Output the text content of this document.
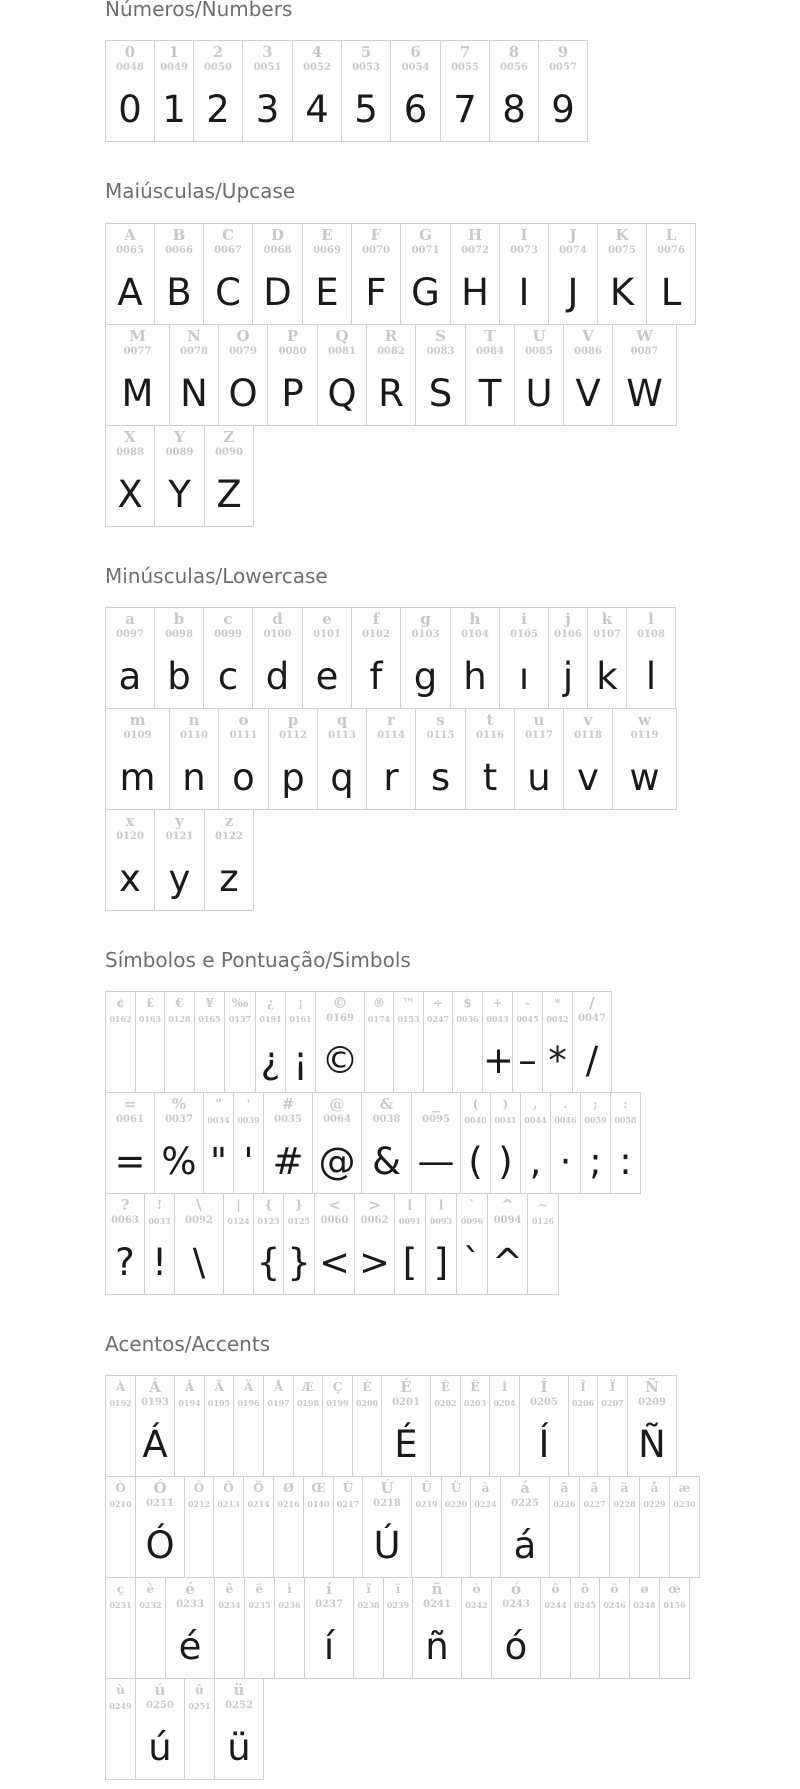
Números/Numbers
Maiúsculas/Upcase
Minúsculas/Lowercase
Símbolos e Pontuação/Simbols
Acentos/Accents
0
0048
0
1
0049
1
2
0050
2
3
0051
3
4
0052
4
5
0053
5
6
0054
6
7
0055
7
8
0056
8
9
0057
9
A
0065
A
B
0066
B
C
0067
C
D
0068
D
E
0069
E
F
0070
F
G
0071
G
H
0072
H
I
0073
I
J
0074
J
K
0075
K
L
0076
L
M
0077
M
N
0078
N
O
0079
O
P
0080
P
Q
0081
Q
R
0082
R
S
0083
S
T
0084
T
U
0085
U
V
0086
V
W
0087
W
X
0088
X
Y
0089
Y
Z
0090
Z
a
0097
a
b
0098
b
c
0099
c
d
0100
d
e
0101
e
f
0102
f
g
0103
g
h
0104
h
i
0105
ı
j
0106
j
k
0107
k
l
0108
l
m
0109
m
n
0110
n
o
0111
o
p
0112
p
q
0113
q
r
0114
r
s
0115
s
t
0116
t
u
0117
u
v
0118
v
w
0119
w
x
0120
x
y
0121
y
z
0122
z
¢
0162
£
0163
€
0128
¥
0165
‰
0137
¿
0191
¿
¡
0161
¡
©
0169
©
®
0174
™
0153
÷
0247
$
0036
+
0043
+
-
0045
–
*
0042
*
/
0047
/
=
0061
=
%
0037
%
"
0034
"
'
0039
'
#
0035
#
@
0064
@
&
0038
&
_
0095
—
(
0040
(
)
0041
)
,
0044
,
.
0046
·
;
0059
;
:
0058
:
?
0063
?
!
0033
!
\
0092
\
|
0124
{
0123
{
}
0125
}
<
0060
<
>
0062
>
[
0091
[
]
0093
]
`
0096
`
^
0094
^
~
0126
À
0192
Á
0193
Á
Â
0194
Ã
0195
Ä
0196
Å
0197
Æ
0198
Ç
0199
È
0200
É
0201
É
Ê
0202
Ë
0203
Ì
0204
Í
0205
Í
Î
0206
Ï
0207
Ñ
0209
Ñ
Ò
0210
Ó
0211
Ó
Ô
0212
Õ
0213
Ö
0214
Ø
0216
Œ
0140
Ù
0217
Ú
0218
Ú
Û
0219
Ü
0220
à
0224
á
0225
á
â
0226
ã
0227
ä
0228
å
0229
æ
0230
ç
0231
è
0232
é
0233
é
ê
0234
ë
0235
ì
0236
í
0237
í
î
0238
ï
0239
ñ
0241
ñ
ò
0242
ó
0243
ó
ô
0244
õ
0245
ö
0246
ø
0248
œ
0156
ù
0249
ú
0250
ú
û
0251
ü
0252
ü
